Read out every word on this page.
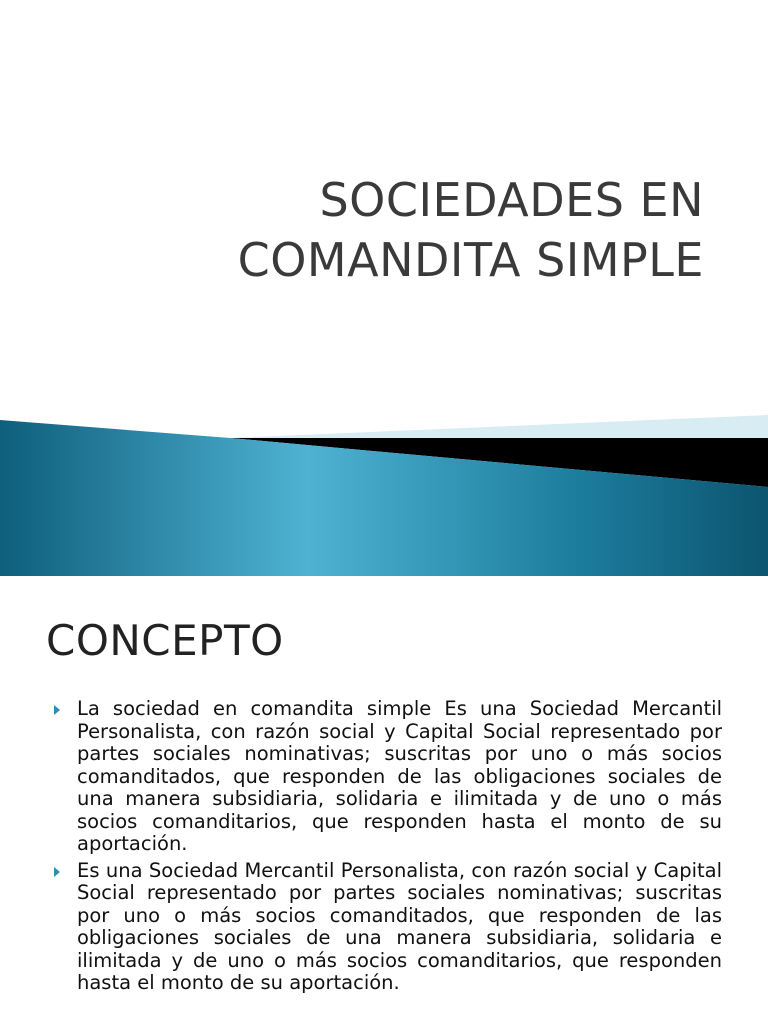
SOCIEDADES EN
COMANDITA SIMPLE
CONCEPTO
La sociedad en comandita simple Es una Sociedad Mercantil Personalista, con razón social y Capital Social representado por partes sociales nominativas; suscritas por uno o más socios comanditados, que responden de las obligaciones sociales de una manera subsidiaria, solidaria e ilimitada y de uno o más socios comanditarios, que responden hasta el monto de su aportación.
Es una Sociedad Mercantil Personalista, con razón social y Capital Social representado por partes sociales nominativas; suscritas por uno o más socios comanditados, que responden de las obligaciones sociales de una manera subsidiaria, solidaria e ilimitada y de uno o más socios comanditarios, que responden hasta el monto de su aportación.
